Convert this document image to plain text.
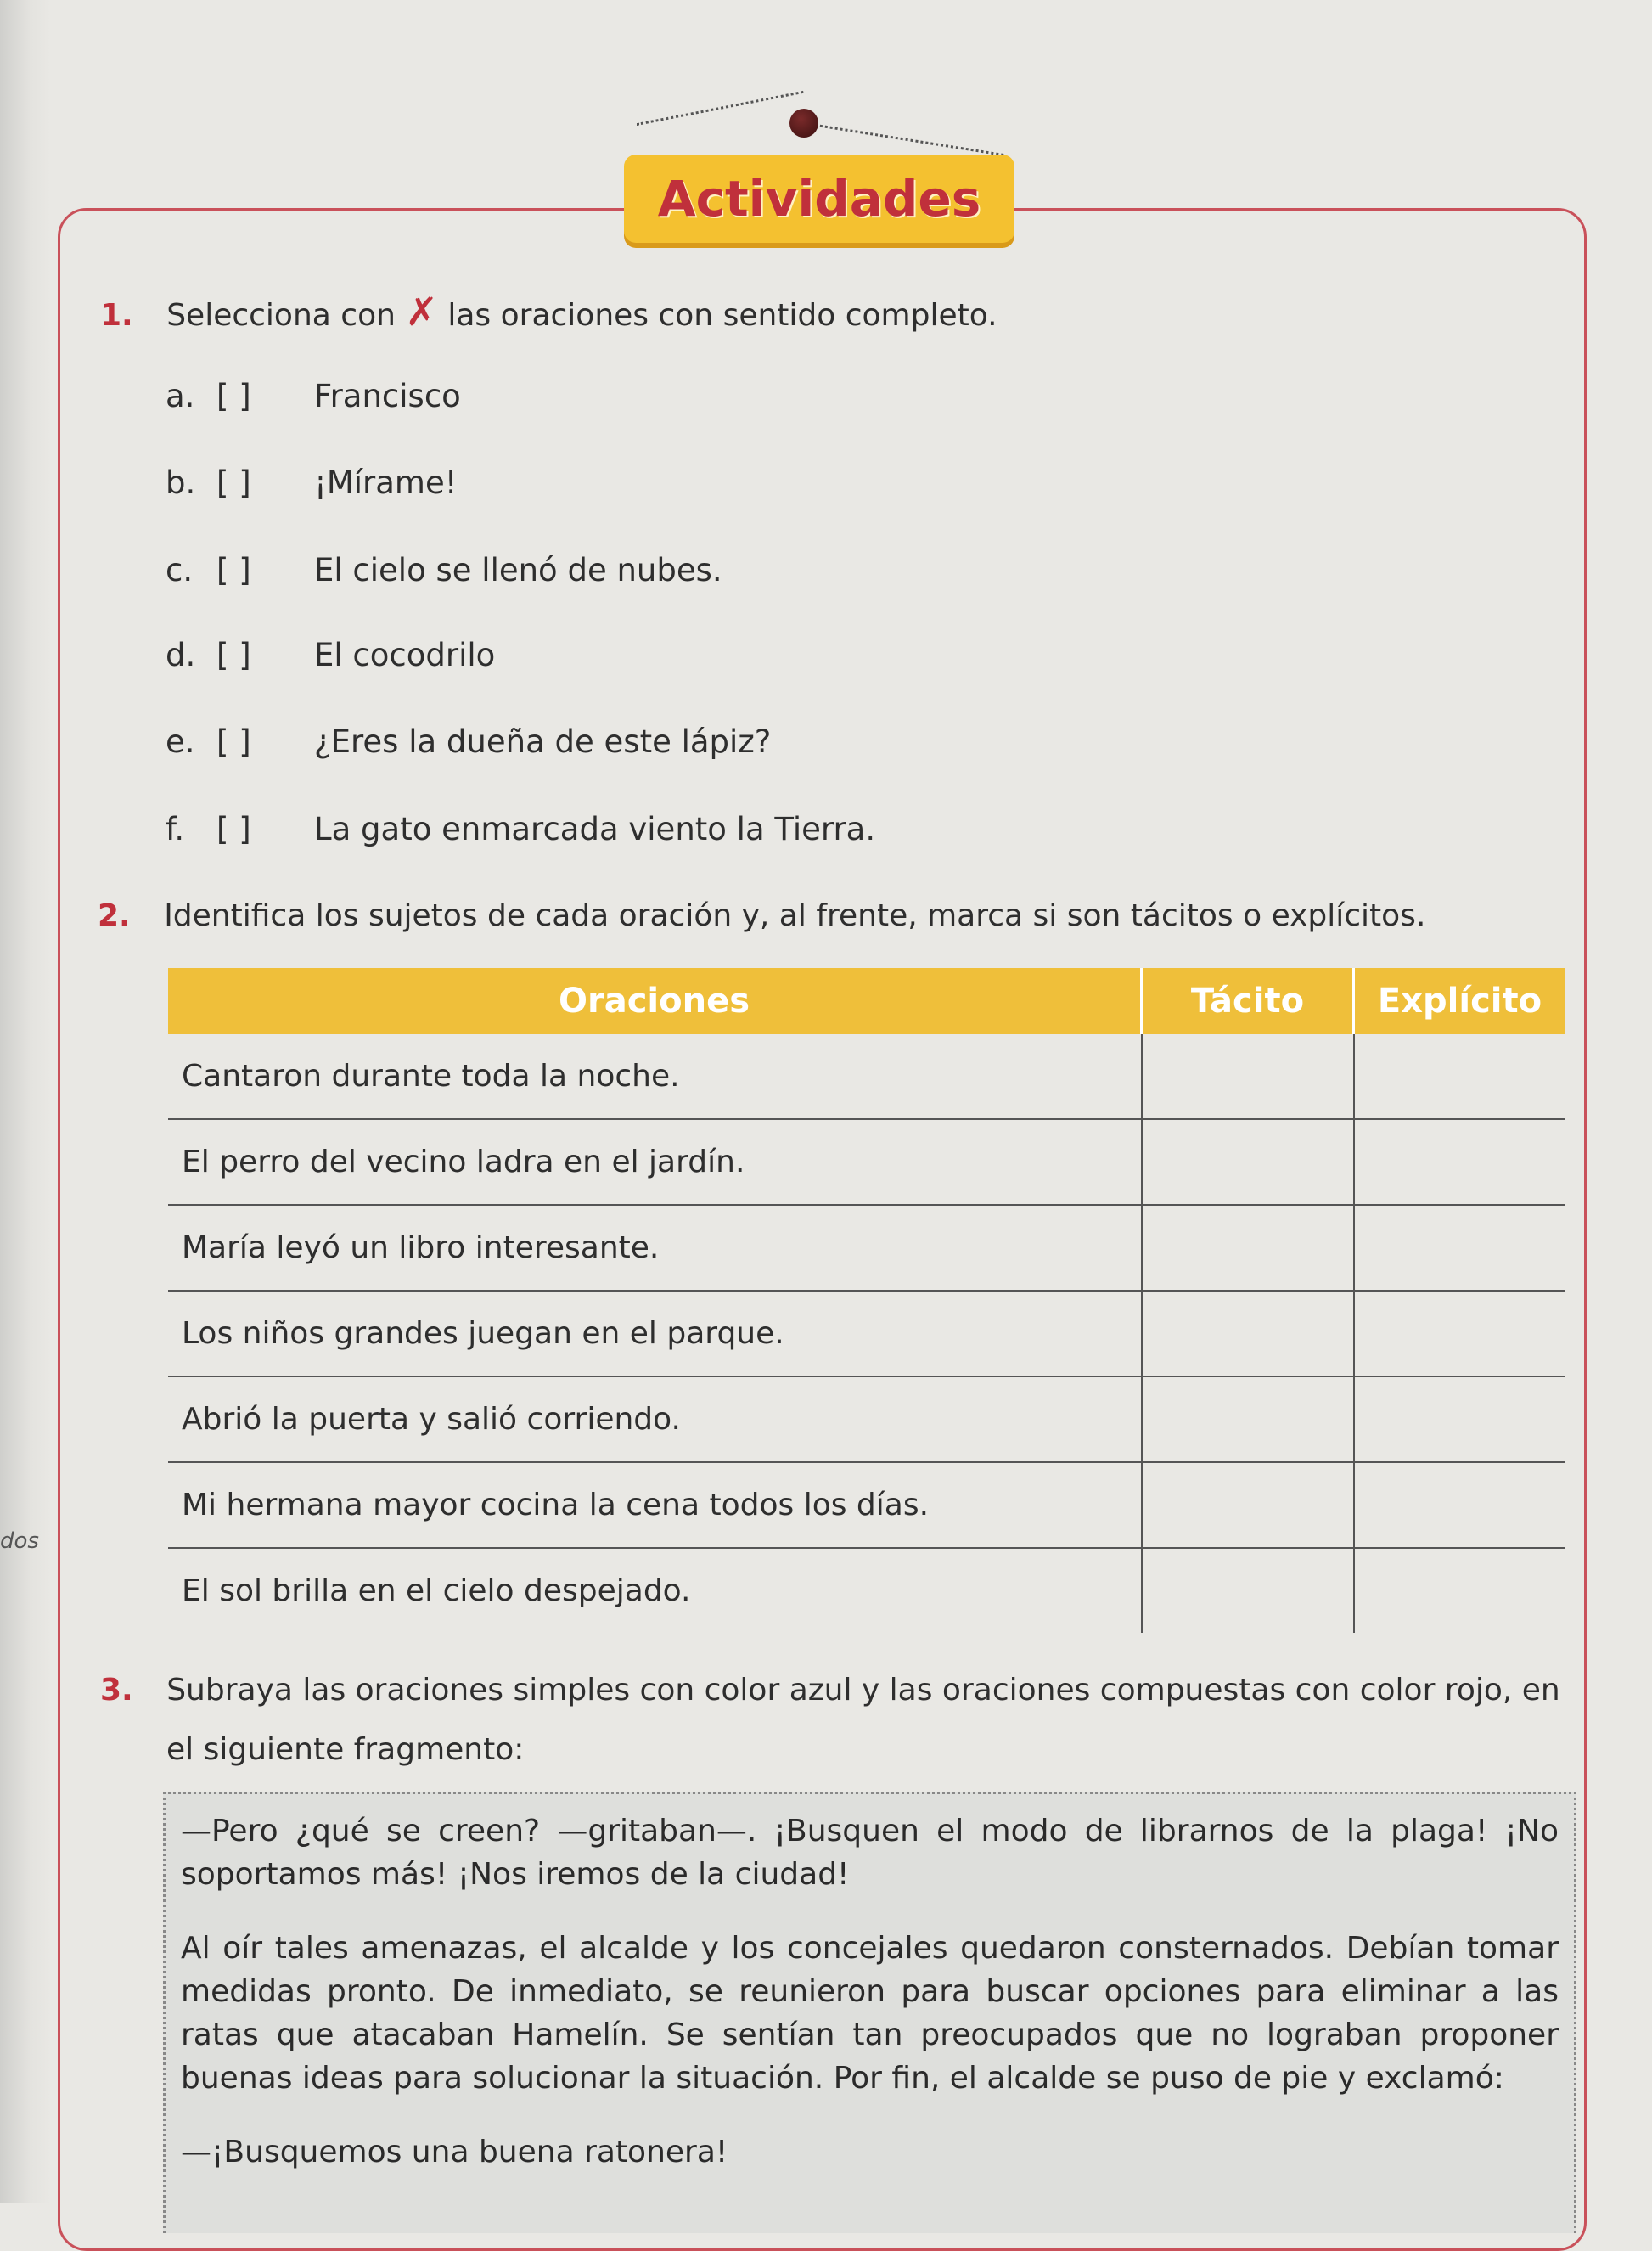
dos
Actividades
1. Selecciona con ✗ las oraciones con sentido completo.
a. [ ]	Francisco
b. [ ]	¡Mírame!
c. [ ]	El cielo se llenó de nubes.
d. [ ]	El cocodrilo
e. [ ]	¿Eres la dueña de este lápiz?
f.	[ ]	La gato enmarcada viento la Tierra.
2. Identifica los sujetos de cada oración y, al frente, marca si son tácitos o explícitos.
Oraciones	Tácito	Explícito
Cantaron durante toda la noche.		
El perro del vecino ladra en el jardín.		
María leyó un libro interesante.		
Los niños grandes juegan en el parque.		
Abrió la puerta y salió corriendo.		
Mi hermana mayor cocina la cena todos los días.		
El sol brilla en el cielo despejado.		
3. Subraya las oraciones simples con color azul y las oraciones compuestas con color rojo, en
el siguiente fragmento:

—Pero ¿qué se creen? —gritaban—. ¡Busquen el modo de librarnos de la plaga! ¡No soportamos más! ¡Nos iremos de la ciudad!

Al oír tales amenazas, el alcalde y los concejales quedaron consternados. Debían tomar medidas pronto. De inmediato, se reunieron para buscar opciones para eliminar a las ratas que atacaban Hamelín. Se sentían tan preocupados que no lograban proponer buenas ideas para solucionar la situación. Por fin, el alcalde se puso de pie y exclamó:

—¡Busquemos una buena ratonera!
